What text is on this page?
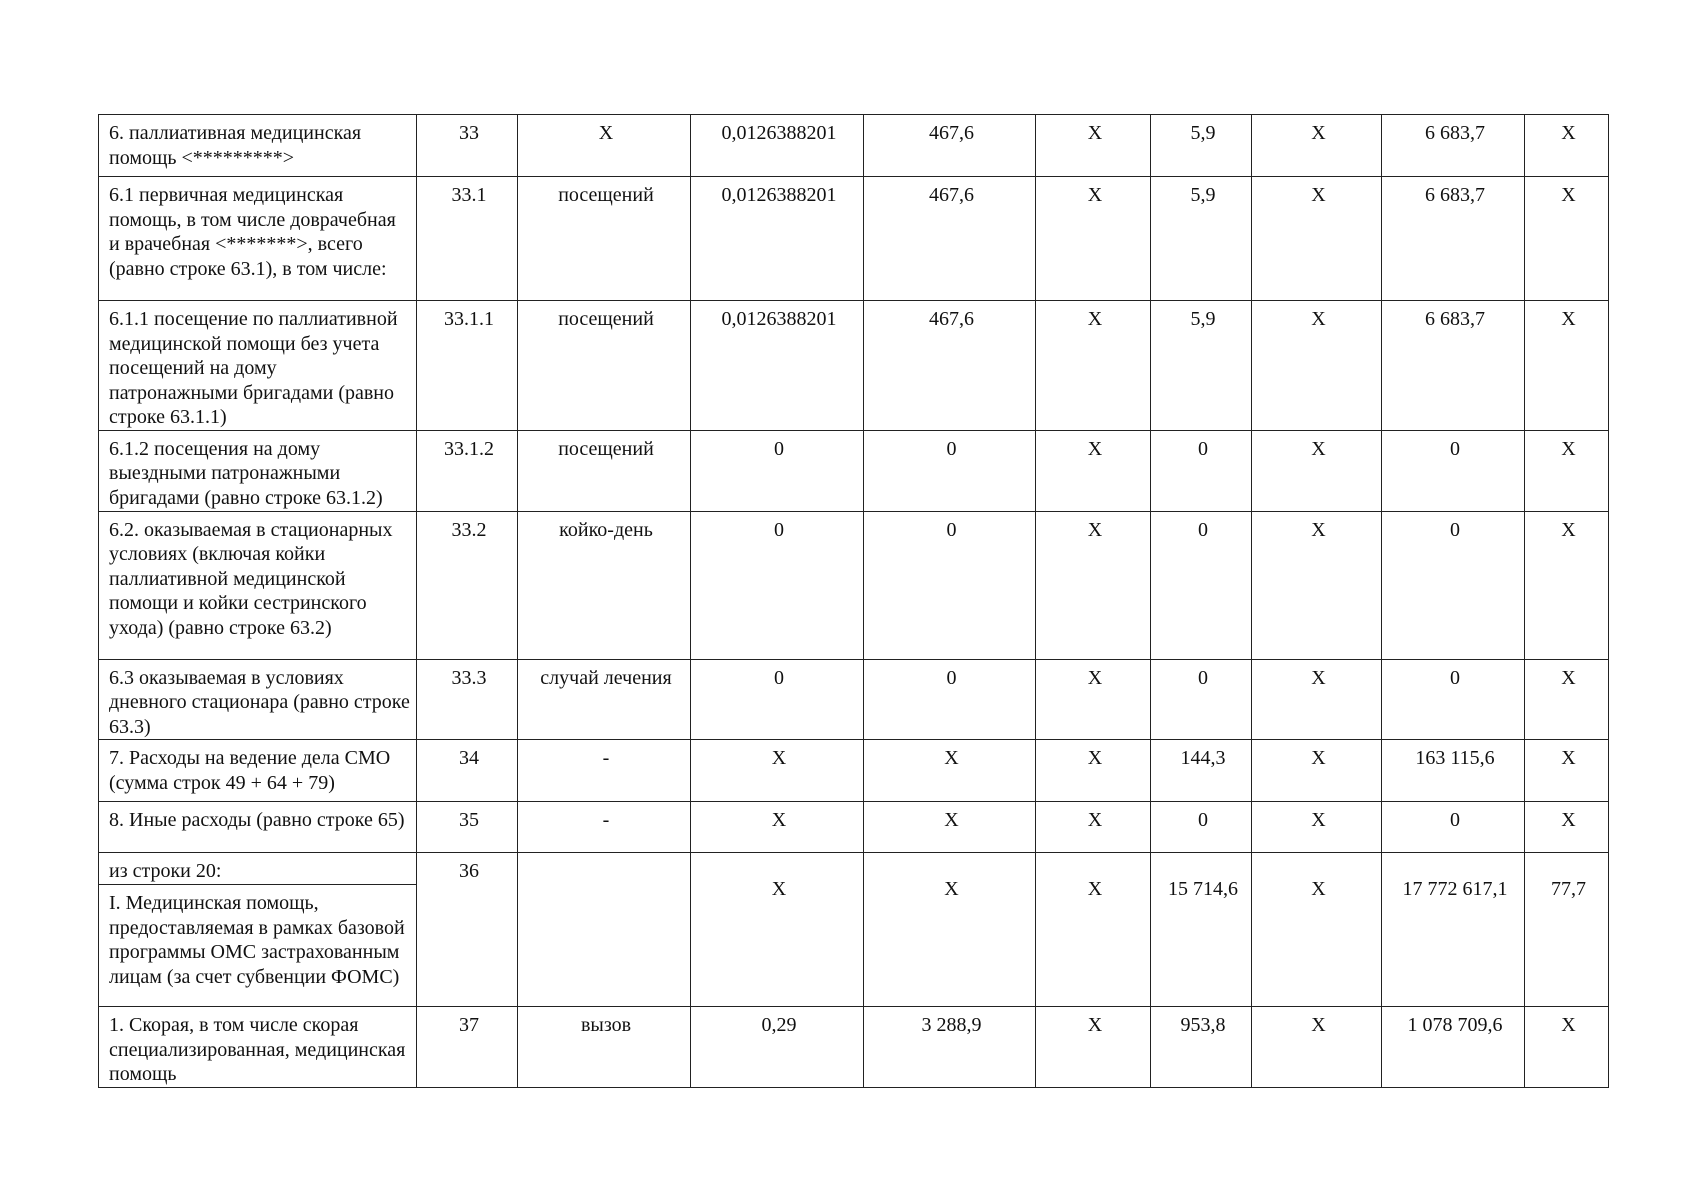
6. паллиативная медицинская помощь <*********>	33	Х	0,0126388201	467,6	Х	5,9	Х	6 683,7	Х
6.1 первичная медицинская помощь, в том числе доврачебная и врачебная <*******>, всего (равно строке 63.1), в том числе:	33.1	посещений	0,0126388201	467,6	Х	5,9	Х	6 683,7	Х
6.1.1 посещение по паллиативной медицинской помощи без учета посещений на дому патронажными бригадами (равно строке 63.1.1)	33.1.1	посещений	0,0126388201	467,6	Х	5,9	Х	6 683,7	Х
6.1.2 посещения на дому выездными патронажными бригадами (равно строке 63.1.2)	33.1.2	посещений	0	0	Х	0	Х	0	Х
6.2. оказываемая в стационарных условиях (включая койки паллиативной медицинской помощи и койки сестринского ухода) (равно строке 63.2)	33.2	койко-день	0	0	Х	0	Х	0	Х
6.3 оказываемая в условиях дневного стационара (равно строке 63.3)	33.3	случай лечения	0	0	Х	0	Х	0	Х
7. Расходы на ведение дела СМО (сумма строк 49 + 64 + 79)	34	-	Х	Х	Х	144,3	Х	163 115,6	Х
8. Иные расходы (равно строке 65)	35	-	Х	Х	Х	0	Х	0	Х
из строки 20:	36		Х	Х	Х	15 714,6	Х	17 772 617,1	77,7
I. Медицинская помощь, предоставляемая в рамках базовой программы ОМС застрахованным лицам (за счет субвенции ФОМС)									
1. Скорая, в том числе скорая специализированная, медицинская помощь	37	вызов	0,29	3 288,9	Х	953,8	Х	1 078 709,6	Х
